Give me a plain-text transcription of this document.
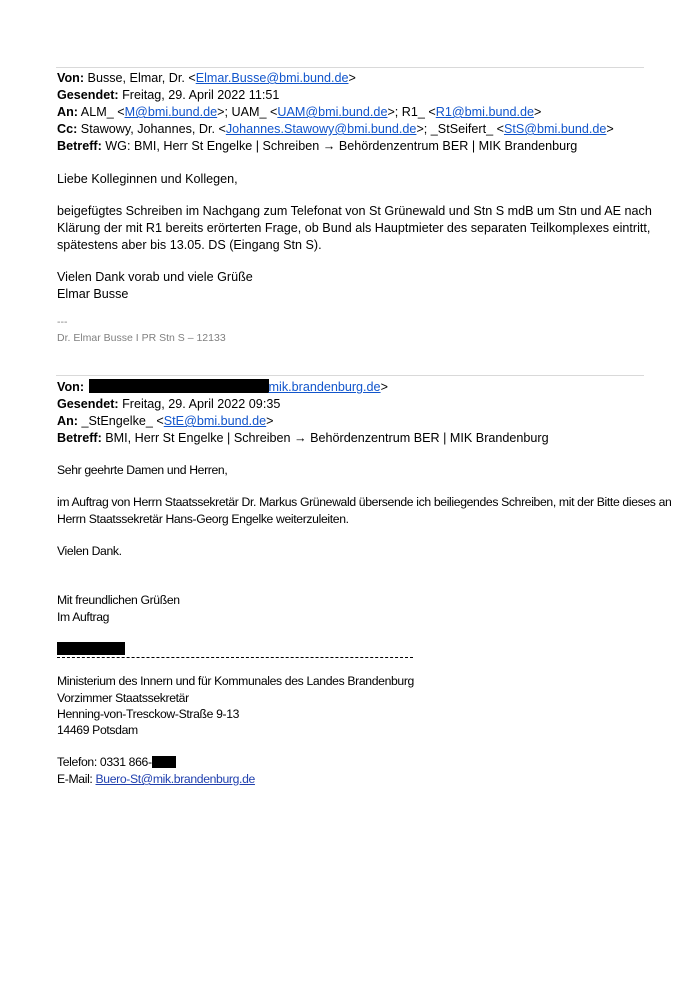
Von: Busse, Elmar, Dr. <Elmar.Busse@bmi.bund.de>
Gesendet: Freitag, 29. April 2022 11:51
An: ALM_ <M@bmi.bund.de>; UAM_ <UAM@bmi.bund.de>; R1_ <R1@bmi.bund.de>
Cc: Stawowy, Johannes, Dr. <Johannes.Stawowy@bmi.bund.de>; _StSeifert_ <StS@bmi.bund.de>
Betreff: WG: BMI, Herr St Engelke | Schreiben → Behördenzentrum BER | MIK Brandenburg
Liebe Kolleginnen und Kollegen,
beigefügtes Schreiben im Nachgang zum Telefonat von St Grünewald und Stn S mdB um Stn und AE nach
Klärung der mit R1 bereits erörterten Frage, ob Bund als Hauptmieter des separaten Teilkomplexes eintritt,
spätestens aber bis 13.05. DS (Eingang Stn S).
Vielen Dank vorab und viele Grüße
Elmar Busse
---
Dr. Elmar Busse I PR Stn S – 12133
Von:	mik.brandenburg.de>
Gesendet: Freitag, 29. April 2022 09:35
An: _StEngelke_ <StE@bmi.bund.de>
Betreff: BMI, Herr St Engelke | Schreiben → Behördenzentrum BER | MIK Brandenburg
Sehr geehrte Damen und Herren,
im Auftrag von Herrn Staatssekretär Dr. Markus Grünewald übersende ich beiliegendes Schreiben, mit der Bitte dieses an
Herrn Staatssekretär Hans-Georg Engelke weiterzuleiten.
Vielen Dank.
Mit freundlichen Grüßen
Im Auftrag
Ministerium des Innern und für Kommunales des Landes Brandenburg
Vorzimmer Staatssekretär
Henning-von-Tresckow-Straße 9-13
14469 Potsdam
Telefon: 0331 866-
E-Mail: Buero-St@mik.brandenburg.de
